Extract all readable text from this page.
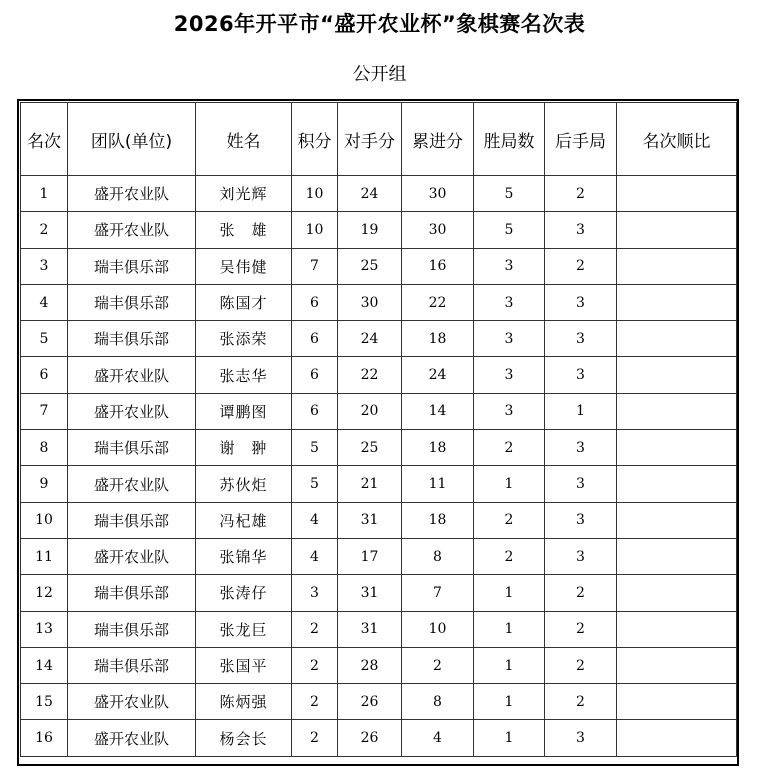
2026年开平市“盛开农业杯”象棋赛名次表
公开组
名次	团队(单位)	姓名	积分	对手分	累进分	胜局数	后手局	名次顺比
1	盛开农业队	刘光辉	10	24	30	5	2	
2	盛开农业队	张　雄	10	19	30	5	3	
3	瑞丰俱乐部	吴伟健	7	25	16	3	2	
4	瑞丰俱乐部	陈国才	6	30	22	3	3	
5	瑞丰俱乐部	张添荣	6	24	18	3	3	
6	盛开农业队	张志华	6	22	24	3	3	
7	盛开农业队	谭鹏图	6	20	14	3	1	
8	瑞丰俱乐部	谢　翀	5	25	18	2	3	
9	盛开农业队	苏伙炬	5	21	11	1	3	
10	瑞丰俱乐部	冯杞雄	4	31	18	2	3	
11	盛开农业队	张锦华	4	17	8	2	3	
12	瑞丰俱乐部	张涛仔	3	31	7	1	2	
13	瑞丰俱乐部	张龙巨	2	31	10	1	2	
14	瑞丰俱乐部	张国平	2	28	2	1	2	
15	盛开农业队	陈炳强	2	26	8	1	2	
16	盛开农业队	杨会长	2	26	4	1	3	
